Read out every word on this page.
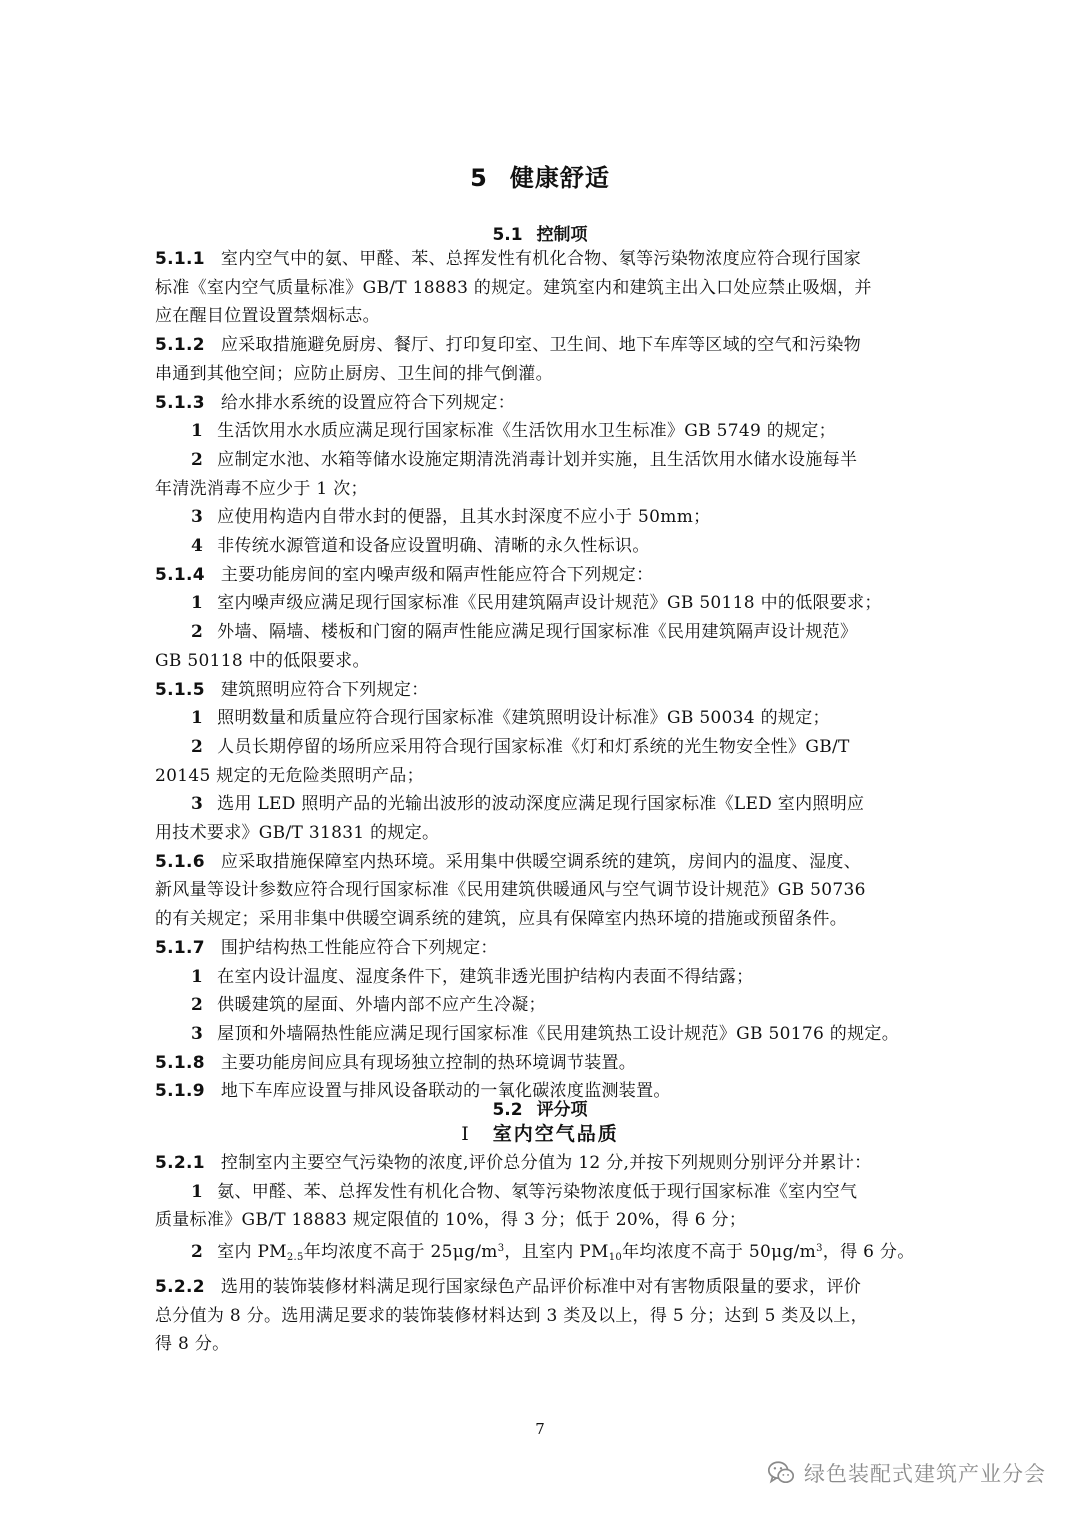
5 健康舒适
5.1 控制项
5.1.1 室内空气中的氨、甲醛、苯、总挥发性有机化合物、氡等污染物浓度应符合现行国家
标准《室内空气质量标准》GB/T 18883 的规定。建筑室内和建筑主出入口处应禁止吸烟，并
应在醒目位置设置禁烟标志。
5.1.2 应采取措施避免厨房、餐厅、打印复印室、卫生间、地下车库等区域的空气和污染物
串通到其他空间；应防止厨房、卫生间的排气倒灌。
5.1.3 给水排水系统的设置应符合下列规定：
1 生活饮用水水质应满足现行国家标准《生活饮用水卫生标准》GB 5749 的规定；
2 应制定水池、水箱等储水设施定期清洗消毒计划并实施，且生活饮用水储水设施每半
年清洗消毒不应少于 1 次；
3 应使用构造内自带水封的便器，且其水封深度不应小于 50mm；
4 非传统水源管道和设备应设置明确、清晰的永久性标识。
5.1.4 主要功能房间的室内噪声级和隔声性能应符合下列规定：
1 室内噪声级应满足现行国家标准《民用建筑隔声设计规范》GB 50118 中的低限要求；
2 外墙、隔墙、楼板和门窗的隔声性能应满足现行国家标准《民用建筑隔声设计规范》
GB 50118 中的低限要求。
5.1.5 建筑照明应符合下列规定：
1 照明数量和质量应符合现行国家标准《建筑照明设计标准》GB 50034 的规定；
2 人员长期停留的场所应采用符合现行国家标准《灯和灯系统的光生物安全性》GB/T
20145 规定的无危险类照明产品；
3 选用 LED 照明产品的光输出波形的波动深度应满足现行国家标准《LED 室内照明应
用技术要求》GB/T 31831 的规定。
5.1.6 应采取措施保障室内热环境。采用集中供暖空调系统的建筑，房间内的温度、湿度、
新风量等设计参数应符合现行国家标准《民用建筑供暖通风与空气调节设计规范》GB 50736
的有关规定；采用非集中供暖空调系统的建筑，应具有保障室内热环境的措施或预留条件。
5.1.7 围护结构热工性能应符合下列规定：
1 在室内设计温度、湿度条件下，建筑非透光围护结构内表面不得结露；
2 供暖建筑的屋面、外墙内部不应产生冷凝；
3 屋顶和外墙隔热性能应满足现行国家标准《民用建筑热工设计规范》GB 50176 的规定。
5.1.8 主要功能房间应具有现场独立控制的热环境调节装置。
5.1.9 地下车库应设置与排风设备联动的一氧化碳浓度监测装置。
5.2 评分项
Ⅰ 室内空气品质
5.2.1 控制室内主要空气污染物的浓度,评价总分值为 12 分,并按下列规则分别评分并累计：
1 氨、甲醛、苯、总挥发性有机化合物、氡等污染物浓度低于现行国家标准《室内空气
质量标准》GB/T 18883 规定限值的 10%，得 3 分；低于 20%，得 6 分；
2 室内 $PM_{2.5}$年均浓度不高于 $25\mu g/m^3$，且室内 $PM_{10}$年均浓度不高于 $50\mu g/m^3$，得 6 分。
5.2.2 选用的装饰装修材料满足现行国家绿色产品评价标准中对有害物质限量的要求，评价
总分值为 8 分。选用满足要求的装饰装修材料达到 3 类及以上，得 5 分；达到 5 类及以上，
得 8 分。
7
绿色装配式建筑产业分会
